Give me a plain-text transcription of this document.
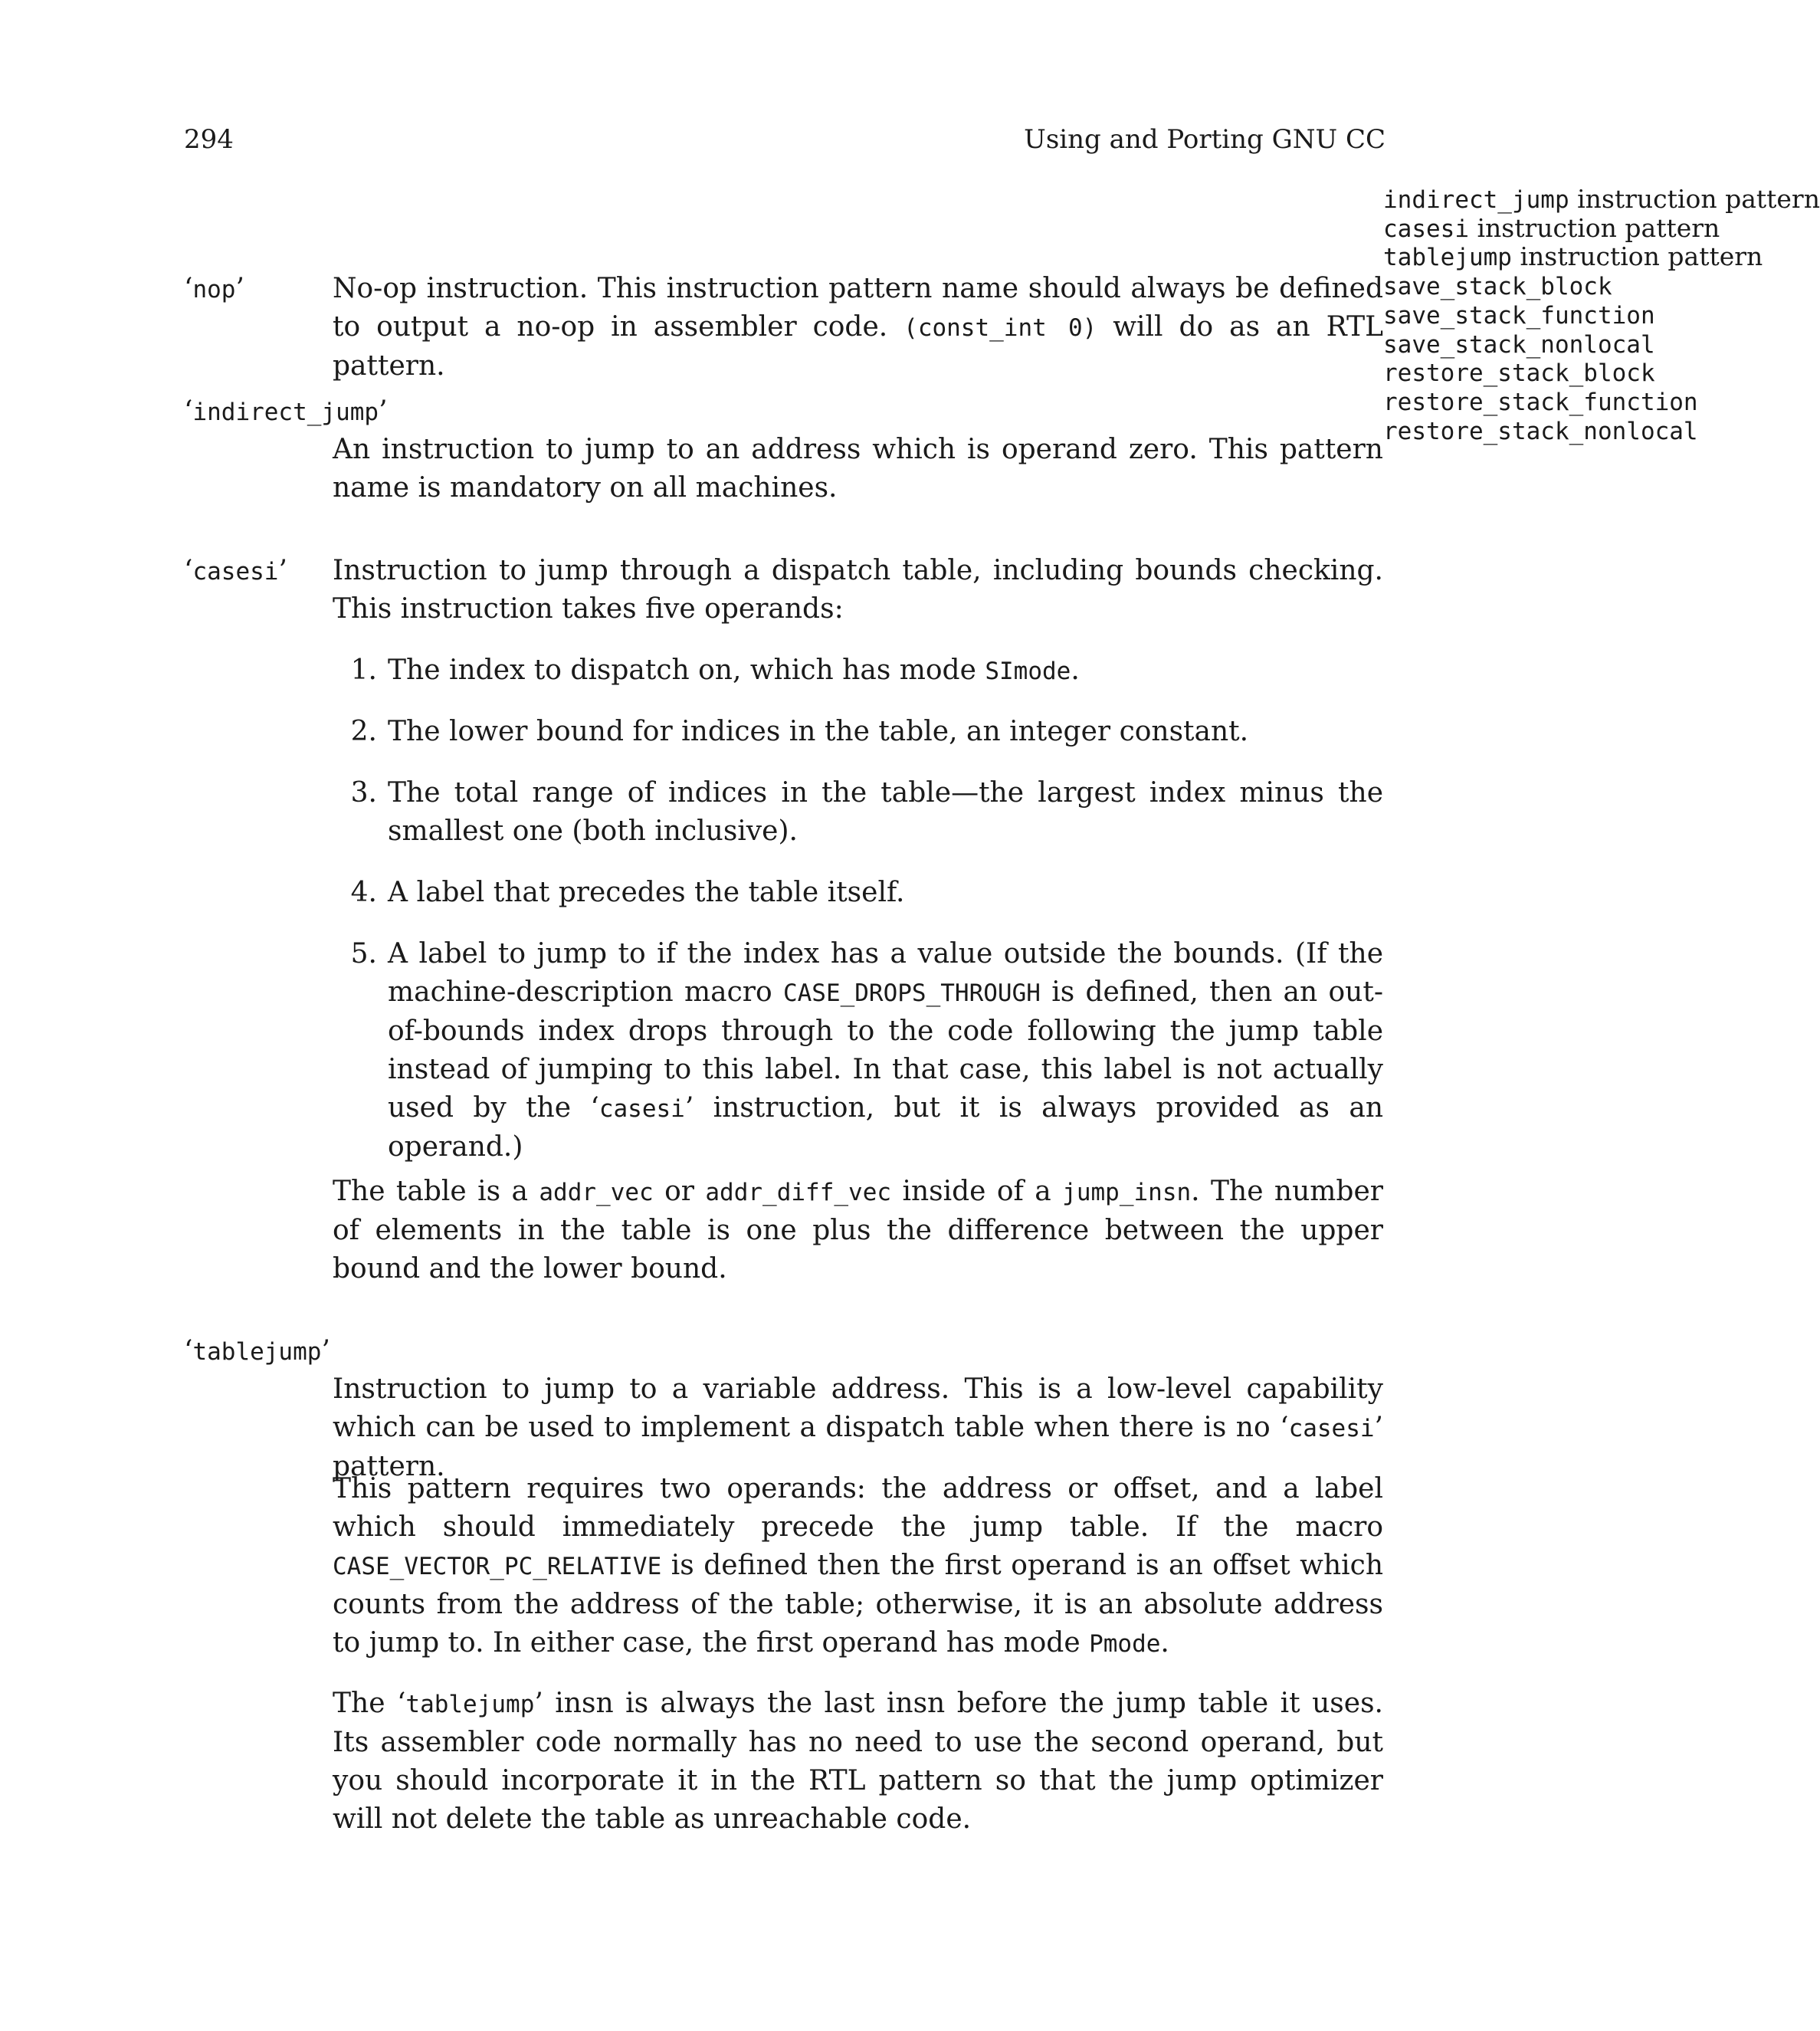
294	Using and Porting GNU CC
indirect_jump instruction pattern
casesi instruction pattern
tablejump instruction pattern
save_stack_block
save_stack_function
save_stack_nonlocal
restore_stack_block
restore_stack_function
restore_stack_nonlocal
‘nop’	No-op instruction. This instruction pattern name should always be defined to output a no-op in assembler code. (const_int 0) will do as an RTL pattern.

‘indirect_jump’

An instruction to jump to an address which is operand zero. This pattern name is mandatory on all machines.

‘casesi’ Instruction to jump through a dispatch table, including bounds checking. This instruction takes five operands:

1. The index to dispatch on, which has mode SImode.
2. The lower bound for indices in the table, an integer constant.
3. The total range of indices in the table—the largest index minus the smallest one (both inclusive).
4. A label that precedes the table itself.
5. A label to jump to if the index has a value outside the bounds. (If the machine-description macro CASE_DROPS_THROUGH is defined, then an out-of-bounds index drops through to the code following the jump table instead of jumping to this label. In that case, this label is not actually used by the ‘casesi’ instruction, but it is always provided as an operand.)

The table is a addr_vec or addr_diff_vec inside of a jump_insn. The number of elements in the table is one plus the difference between the upper bound and the lower bound.

‘tablejump’

Instruction to jump to a variable address. This is a low-level capability which can be used to implement a dispatch table when there is no ‘casesi’ pattern.

This pattern requires two operands: the address or offset, and a label which should immediately precede the jump table. If the macro CASE_VECTOR_PC_RELATIVE is defined then the first operand is an offset which counts from the address of the table; otherwise, it is an absolute address to jump to. In either case, the first operand has mode Pmode.

The ‘tablejump’ insn is always the last insn before the jump table it uses. Its assembler code normally has no need to use the second operand, but you should incorporate it in the RTL pattern so that the jump optimizer will not delete the table as unreachable code.
